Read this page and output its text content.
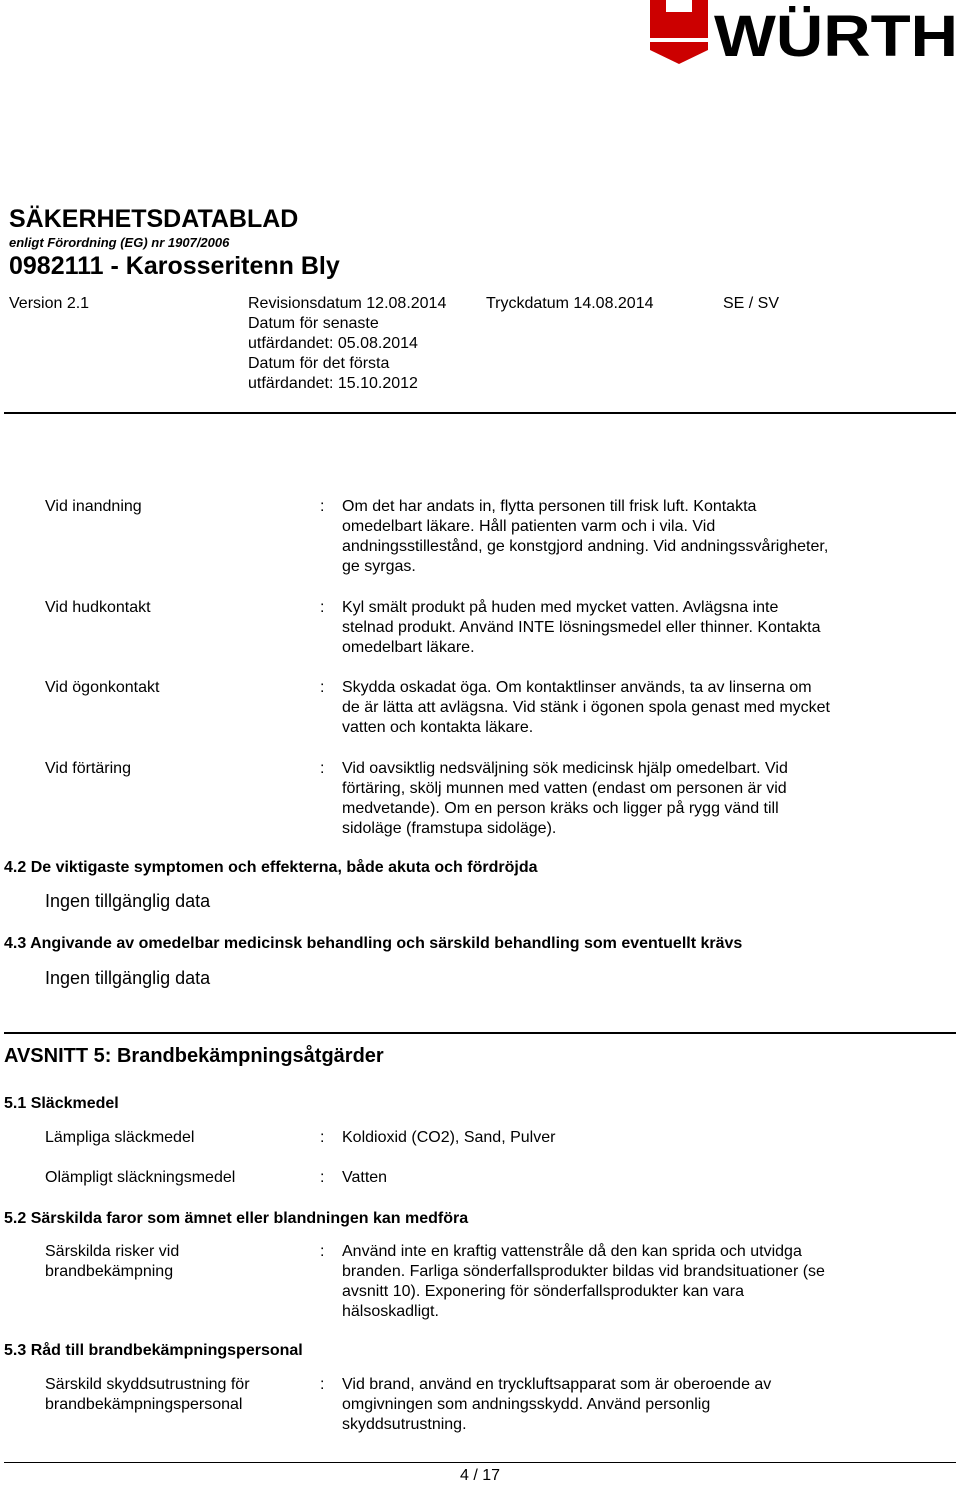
WÜRTH
SÄKERHETSDATABLAD
enligt Förordning (EG) nr 1907/2006
0982111 - Karosseritenn Bly
Version 2.1	Revisionsdatum 12.08.2014
Datum för senaste
utfärdandet: 05.08.2014
Datum för det första
utfärdandet: 15.10.2012
Tryckdatum 14.08.2014	SE / SV
Vid inandning	: Om det har andats in, flytta personen till frisk luft. Kontakta
omedelbart läkare. Håll patienten varm och i vila. Vid
andningsstillestånd, ge konstgjord andning. Vid andningssvårigheter,
ge syrgas.
Vid hudkontakt	: Kyl smält produkt på huden med mycket vatten. Avlägsna inte
stelnad produkt. Använd INTE lösningsmedel eller thinner. Kontakta
omedelbart läkare.
Vid ögonkontakt	: Skydda oskadat öga. Om kontaktlinser används, ta av linserna om
de är lätta att avlägsna. Vid stänk i ögonen spola genast med mycket
vatten och kontakta läkare.
Vid förtäring	: Vid oavsiktlig nedsväljning sök medicinsk hjälp omedelbart. Vid
förtäring, skölj munnen med vatten (endast om personen är vid
medvetande). Om en person kräks och ligger på rygg vänd till
sidoläge (framstupa sidoläge).
4.2 De viktigaste symptomen och effekterna, både akuta och fördröjda
Ingen tillgänglig data
4.3 Angivande av omedelbar medicinsk behandling och särskild behandling som eventuellt krävs
Ingen tillgänglig data
AVSNITT 5: Brandbekämpningsåtgärder
5.1 Släckmedel
Lämpliga släckmedel	: Koldioxid (CO2), Sand, Pulver
Olämpligt släckningsmedel	: Vatten
5.2 Särskilda faror som ämnet eller blandningen kan medföra
Särskilda risker vid
brandbekämpning
: Använd inte en kraftig vattenstråle då den kan sprida och utvidga
branden. Farliga sönderfallsprodukter bildas vid brandsituationer (se
avsnitt 10). Exponering för sönderfallsprodukter kan vara
hälsoskadligt.
5.3 Råd till brandbekämpningspersonal
Särskild skyddsutrustning för
brandbekämpningspersonal
: Vid brand, använd en tryckluftsapparat som är oberoende av
omgivningen som andningsskydd. Använd personlig
skyddsutrustning.
4 / 17
